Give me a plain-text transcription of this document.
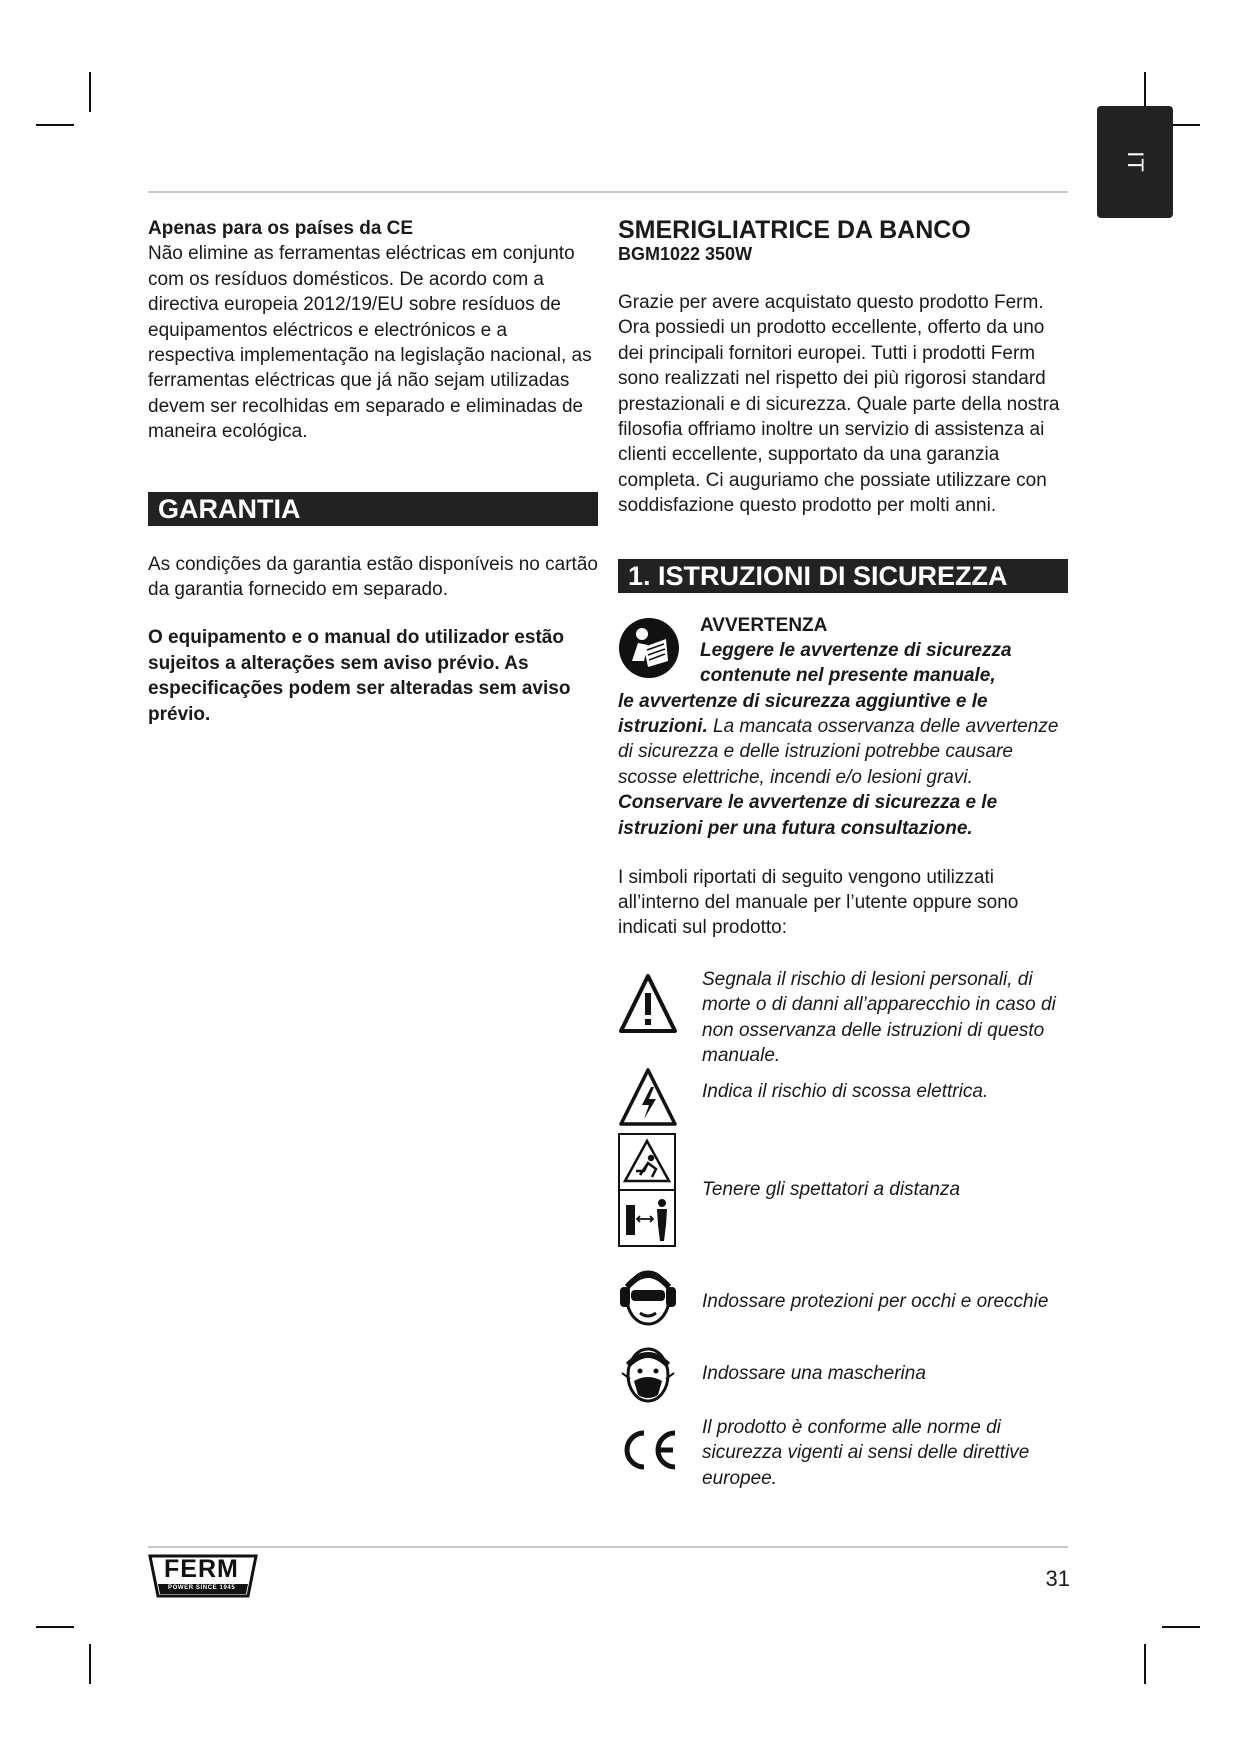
IT

Apenas para os países da CE

Não elimine as ferramentas eléctricas em conjunto com os resíduos domésticos. De acordo com a directiva europeia 2012/19/EU sobre resíduos de equipamentos eléctricos e electrónicos e a respectiva implementação na legislação nacional, as ferramentas eléctricas que já não sejam utilizadas devem ser recolhidas em separado e eliminadas de maneira ecológica.

GARANTIA

As condições da garantia estão disponíveis no cartão da garantia fornecido em separado.

O equipamento e o manual do utilizador estão sujeitos a alterações sem aviso prévio. As especificações podem ser alteradas sem aviso prévio.

SMERIGLIATRICE DA BANCO

BGM1022 350W

Grazie per avere acquistato questo prodotto Ferm. Ora possiedi un prodotto eccellente, offerto da uno dei principali fornitori europei. Tutti i prodotti Ferm sono realizzati nel rispetto dei più rigorosi standard prestazionali e di sicurezza. Quale parte della nostra filosofia offriamo inoltre un servizio di assistenza ai clienti eccellente, supportato da una garanzia completa. Ci auguriamo che possiate utilizzare con soddisfazione questo prodotto per molti anni.

1. ISTRUZIONI DI SICUREZZA

AVVERTENZA

Leggere le avvertenze di sicurezza contenute nel presente manuale,

le avvertenze di sicurezza aggiuntive e le istruzioni. La mancata osservanza delle avvertenze di sicurezza e delle istruzioni potrebbe causare scosse elettriche, incendi e/o lesioni gravi. Conservare le avvertenze di sicurezza e le istruzioni per una futura consultazione.

I simboli riportati di seguito vengono utilizzati all’interno del manuale per l’utente oppure sono indicati sul prodotto:

Segnala il rischio di lesioni personali, di morte o di danni all’apparecchio in caso di non osservanza delle istruzioni di questo manuale.
Indica il rischio di scossa elettrica.
Tenere gli spettatori a distanza
Indossare protezioni per occhi e orecchie
Indossare una mascherina
Il prodotto è conforme alle norme di sicurezza vigenti ai sensi delle direttive europee.
FERM
POWER SINCE 1945	31
